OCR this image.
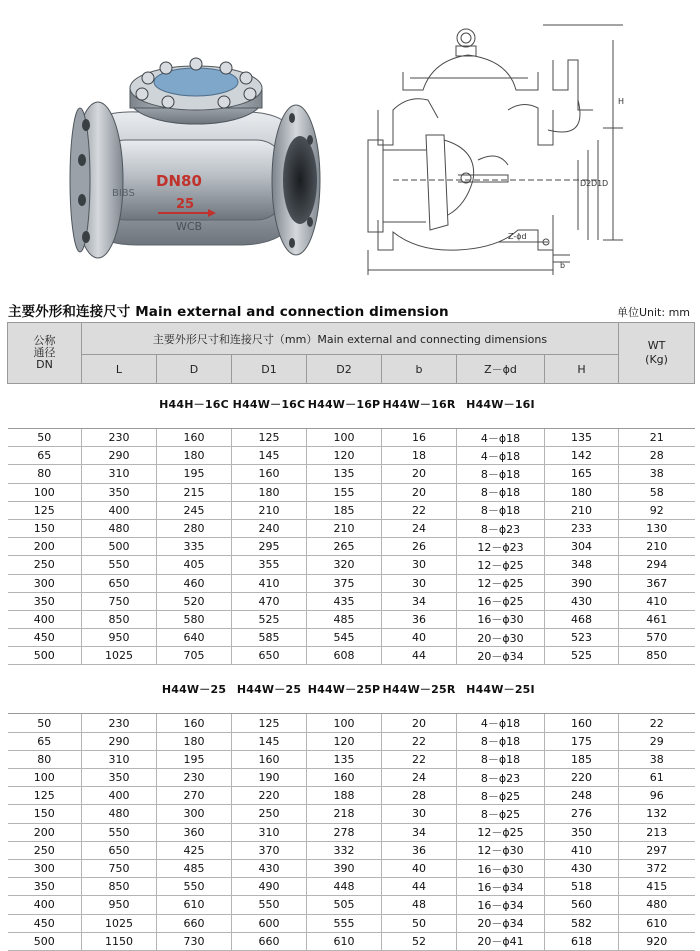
DN80
25
WCB
BIBS
H
D
D1
D2
b
Z-ϕd
主要外形和连接尺寸 Main external and connection dimension	单位Unit: mm
公称
通径
DN	主要外形尺寸和连接尺寸（mm）Main external and connecting dimensions							WT
(Kg)
	L	D	D1	D2	b	Z－ϕd	H	

		H44H－16C	H44W－16C	H44W－16P	H44W－16R	H44W－16Ⅰ		

50	230	160	125	100	16	4－ϕ18	135	21
65	290	180	145	120	18	4－ϕ18	142	28
80	310	195	160	135	20	8－ϕ18	165	38
100	350	215	180	155	20	8－ϕ18	180	58
125	400	245	210	185	22	8－ϕ18	210	92
150	480	280	240	210	24	8－ϕ23	233	130
200	500	335	295	265	26	12－ϕ23	304	210
250	550	405	355	320	30	12－ϕ25	348	294
300	650	460	410	375	30	12－ϕ25	390	367
350	750	520	470	435	34	16－ϕ25	430	410
400	850	580	525	485	36	16－ϕ30	468	461
450	950	640	585	545	40	20－ϕ30	523	570
500	1025	705	650	608	44	20－ϕ34	525	850

		H44W－25	H44W－25	H44W－25P	H44W－25R	H44W－25Ⅰ		

50	230	160	125	100	20	4－ϕ18	160	22
65	290	180	145	120	22	8－ϕ18	175	29
80	310	195	160	135	22	8－ϕ18	185	38
100	350	230	190	160	24	8－ϕ23	220	61
125	400	270	220	188	28	8－ϕ25	248	96
150	480	300	250	218	30	8－ϕ25	276	132
200	550	360	310	278	34	12－ϕ25	350	213
250	650	425	370	332	36	12－ϕ30	410	297
300	750	485	430	390	40	16－ϕ30	430	372
350	850	550	490	448	44	16－ϕ34	518	415
400	950	610	550	505	48	16－ϕ34	560	480
450	1025	660	600	555	50	20－ϕ34	582	610
500	1150	730	660	610	52	20－ϕ41	618	920
